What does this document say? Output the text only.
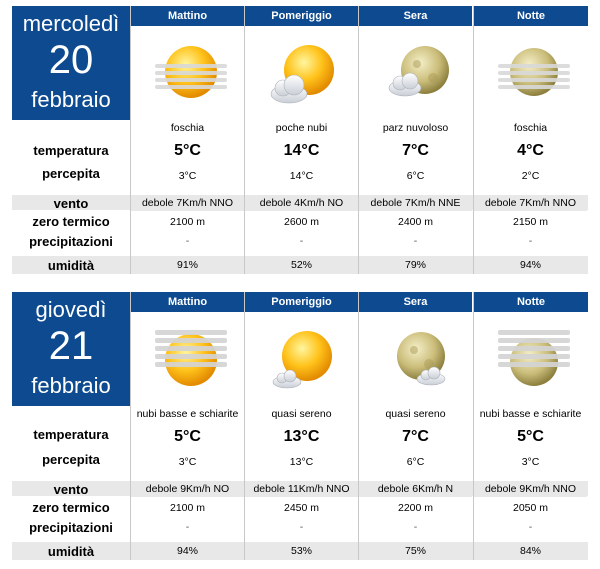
mercoledì
20
febbraio
temperatura
percepita
vento
zero termico
precipitazioni
umidità
Mattino
foschia
5°C
3°C
debole 7Km/h NNO
2100 m
-
91%
Pomeriggio
poche nubi
14°C
14°C
debole 4Km/h NO
2600 m
-
52%
Sera
parz nuvoloso
7°C
6°C
debole 7Km/h NNE
2400 m
-
79%
Notte
foschia
4°C
2°C
debole 7Km/h NNO
2150 m
-
94%
giovedì
21
febbraio
temperatura
percepita
vento
zero termico
precipitazioni
umidità
Mattino
nubi basse e schiarite
5°C
3°C
debole 9Km/h NO
2100 m
-
94%
Pomeriggio
quasi sereno
13°C
13°C
debole 11Km/h NNO
2450 m
-
53%
Sera
quasi sereno
7°C
6°C
debole 6Km/h N
2200 m
-
75%
Notte
nubi basse e schiarite
5°C
3°C
debole 9Km/h NNO
2050 m
-
84%
